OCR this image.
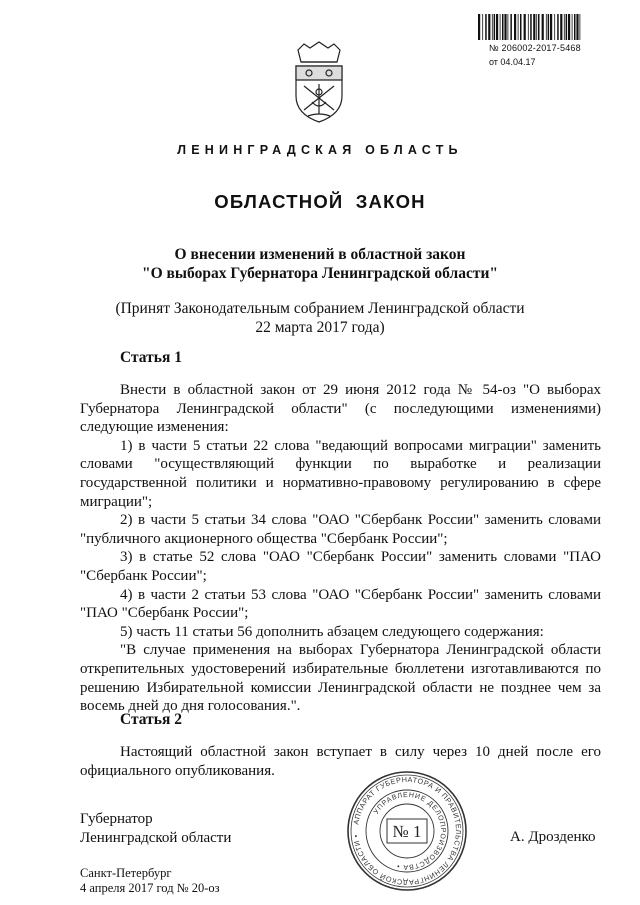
№ 206002-2017-5468
от 04.04.17
ЛЕНИНГРАДСКАЯ ОБЛАСТЬ
ОБЛАСТНОЙ ЗАКОН
О внесении изменений в областной закон
"О выборах Губернатора Ленинградской области"
(Принят Законодательным собранием Ленинградской области
22 марта 2017 года)
Статья 1

Внести в областной закон от 29 июня 2012 года № 54-оз "О выборах Губернатора Ленинградской области" (с последующими изменениями) следующие изменения:

1) в части 5 статьи 22 слова "ведающий вопросами миграции" заменить словами "осуществляющий функции по выработке и реализации государственной политики и нормативно-правовому регулированию в сфере миграции";

2) в части 5 статьи 34 слова "ОАО "Сбербанк России" заменить словами "публичного акционерного общества "Сбербанк России";

3) в статье 52 слова "ОАО "Сбербанк России" заменить словами "ПАО "Сбербанк России";

4) в части 2 статьи 53 слова "ОАО "Сбербанк России" заменить словами "ПАО "Сбербанк России";

5) часть 11 статьи 56 дополнить абзацем следующего содержания:

"В случае применения на выборах Губернатора Ленинградской области открепительных удостоверений избирательные бюллетени изготавливаются по решению Избирательной комиссии Ленинградской области не позднее чем за восемь дней до дня голосования.".

Статья 2

Настоящий областной закон вступает в силу через 10 дней после его официального опубликования.

Губернатор
Ленинградской области	А. Дрозденко
Санкт-Петербург
4 апреля 2017 год № 20-оз
АППАРАТ ГУБЕРНАТОРА И ПРАВИТЕЛЬСТВА ЛЕНИНГРАДСКОЙ ОБЛАСТИ •
УПРАВЛЕНИЕ ДЕЛОПРОИЗВОДСТВА •
№ 1
